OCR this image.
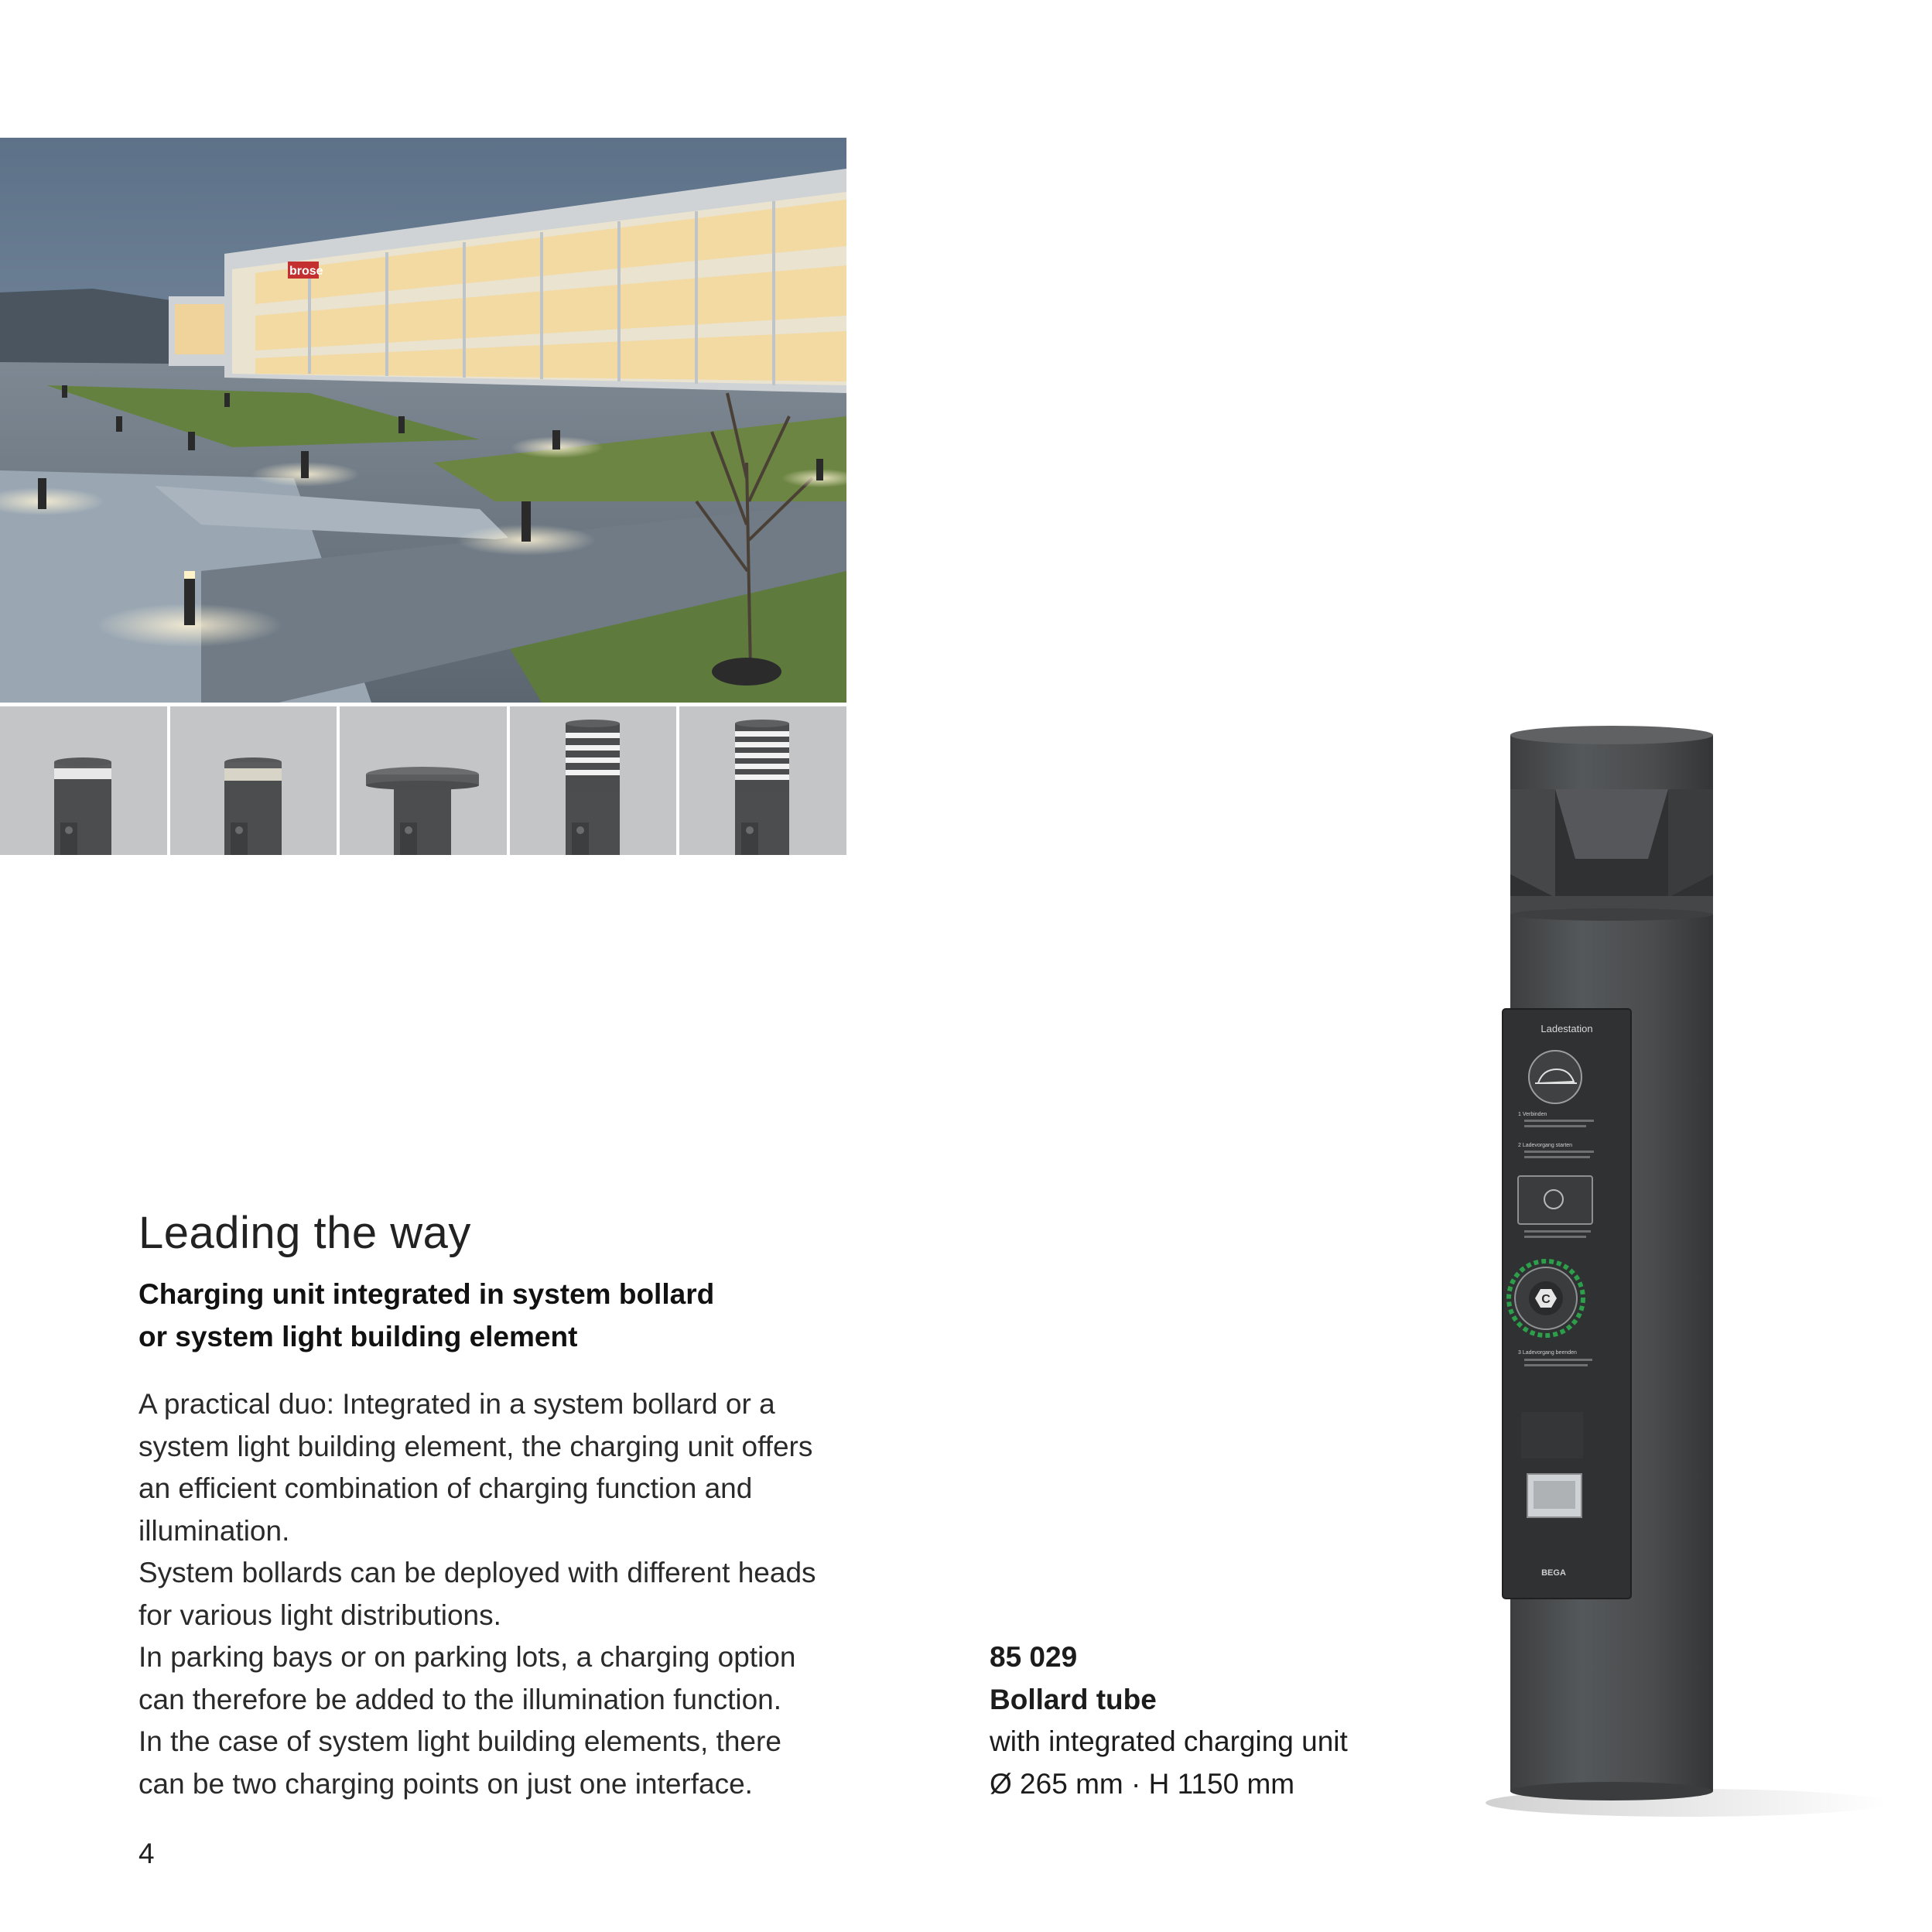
brose
Leading the way
Charging unit integrated in system bollard
or system light building element
A practical duo: Integrated in a system bollard or a
system light building element, the charging unit offers
an efficient combination of charging function and
illumination.
System bollards can be deployed with different heads
for various light distributions.
In parking bays or on parking lots, a charging option
can therefore be added to the illumination function.
In the case of system light building elements, there
can be two charging points on just one interface.
4
85 029
Bollard tube
with integrated charging unit
Ø 265 mm · H 1150 mm
Ladestation
1 Verbinden
2 Ladevorgang starten
C
3 Ladevorgang beenden
BEGA
